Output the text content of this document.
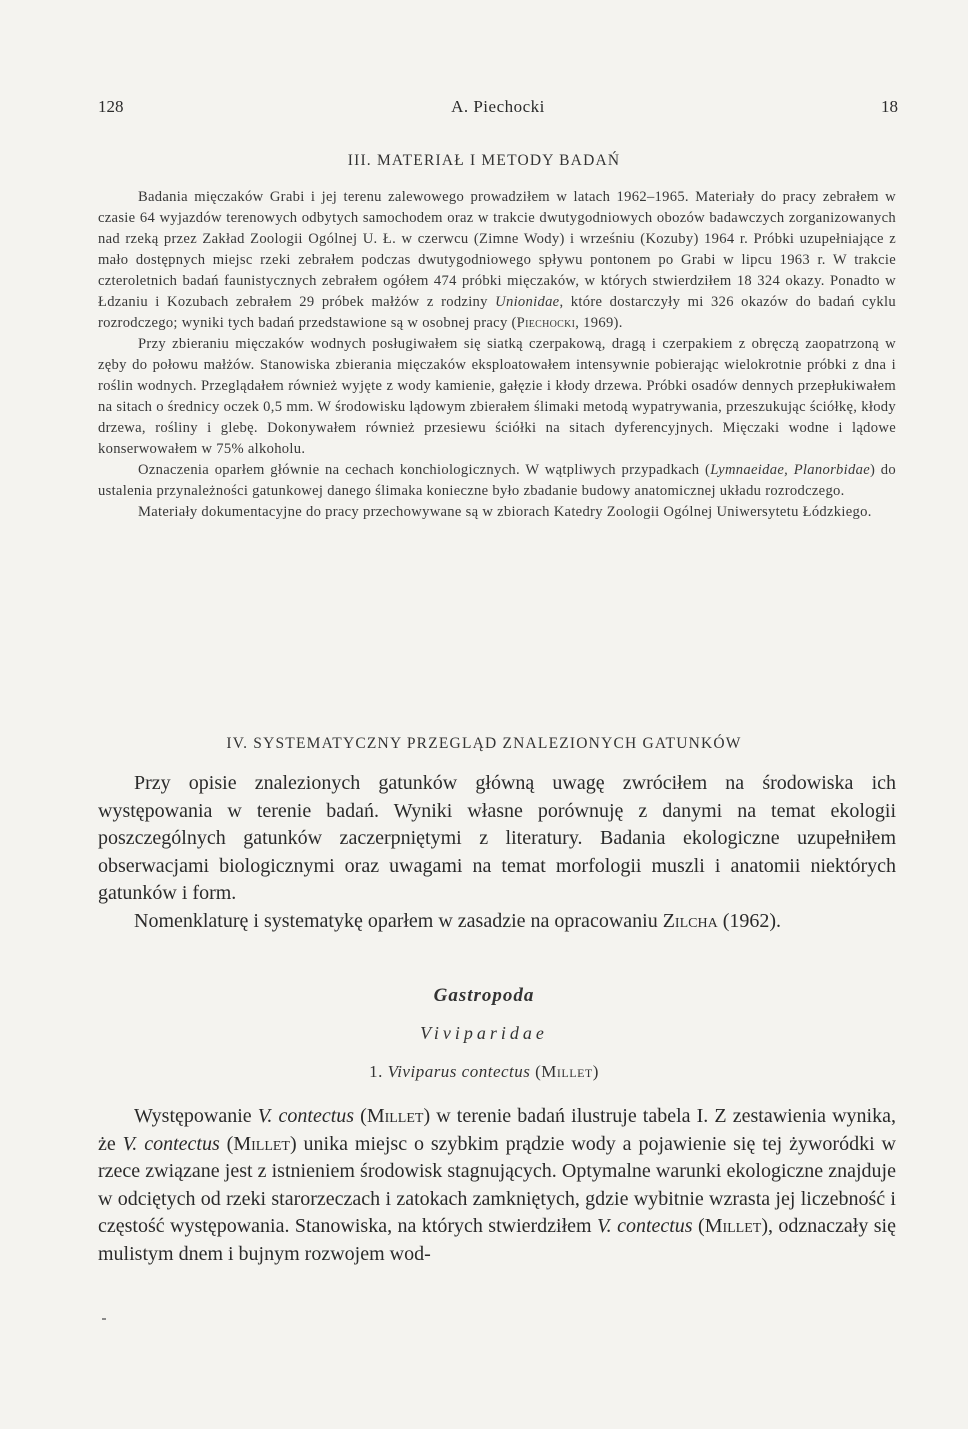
128	A. Piechocki	18
III. MATERIAŁ I METODY BADAŃ

Badania mięczaków Grabi i jej terenu zalewowego prowadziłem w latach 1962–1965. Materiały do pracy zebrałem w czasie 64 wyjazdów terenowych odbytych samochodem oraz w trakcie dwutygodniowych obozów badawczych zorganizowanych nad rzeką przez Zakład Zoologii Ogólnej U. Ł. w czerwcu (Zimne Wody) i wrześniu (Kozuby) 1964 r. Próbki uzupełniające z mało dostępnych miejsc rzeki zebrałem podczas dwutygodniowego spływu pontonem po Grabi w lipcu 1963 r. W trakcie czteroletnich badań faunistycznych zebrałem ogółem 474 próbki mięczaków, w których stwierdziłem 18 324 okazy. Ponadto w Łdzaniu i Kozubach zebrałem 29 próbek małżów z rodziny Unionidae, które dostarczyły mi 326 okazów do badań cyklu rozrodczego; wyniki tych badań przedstawione są w osobnej pracy (Piechocki, 1969).

Przy zbieraniu mięczaków wodnych posługiwałem się siatką czerpakową, dragą i czerpakiem z obręczą zaopatrzoną w zęby do połowu małżów. Stanowiska zbierania mięczaków eksploatowałem intensywnie pobierając wielokrotnie próbki z dna i roślin wodnych. Przeglądałem również wyjęte z wody kamienie, gałęzie i kłody drzewa. Próbki osadów dennych przepłukiwałem na sitach o średnicy oczek 0,5 mm. W środowisku lądowym zbierałem ślimaki metodą wypatrywania, przeszukując ściółkę, kłody drzewa, rośliny i glebę. Dokonywałem również przesiewu ściółki na sitach dyferencyjnych. Mięczaki wodne i lądowe konserwowałem w 75% alkoholu.

Oznaczenia oparłem głównie na cechach konchiologicznych. W wątpliwych przypadkach (Lymnaeidae, Planorbidae) do ustalenia przynależności gatunkowej danego ślimaka konieczne było zbadanie budowy anatomicznej układu rozrodczego.

Materiały dokumentacyjne do pracy przechowywane są w zbiorach Katedry Zoologii Ogólnej Uniwersytetu Łódzkiego.

IV. SYSTEMATYCZNY PRZEGLĄD ZNALEZIONYCH GATUNKÓW

Przy opisie znalezionych gatunków główną uwagę zwróciłem na środowiska ich występowania w terenie badań. Wyniki własne porównuję z danymi na temat ekologii poszczególnych gatunków zaczerpniętymi z literatury. Badania ekologiczne uzupełniłem obserwacjami biologicznymi oraz uwagami na temat morfologii muszli i anatomii niektórych gatunków i form.

Nomenklaturę i systematykę oparłem w zasadzie na opracowaniu Zilcha (1962).

Gastropoda
Viviparidae
1. Viviparus contectus (Millet)

Występowanie V. contectus (Millet) w terenie badań ilustruje tabela I. Z zestawienia wynika, że V. contectus (Millet) unika miejsc o szybkim prądzie wody a pojawienie się tej żyworódki w rzece związane jest z istnieniem środowisk stagnujących. Optymalne warunki ekologiczne znajduje w odciętych od rzeki starorzeczach i zatokach zamkniętych, gdzie wybitnie wzrasta jej liczebność i częstość występowania. Stanowiska, na których stwierdziłem V. contectus (Millet), odznaczały się mulistym dnem i bujnym rozwojem wod-
